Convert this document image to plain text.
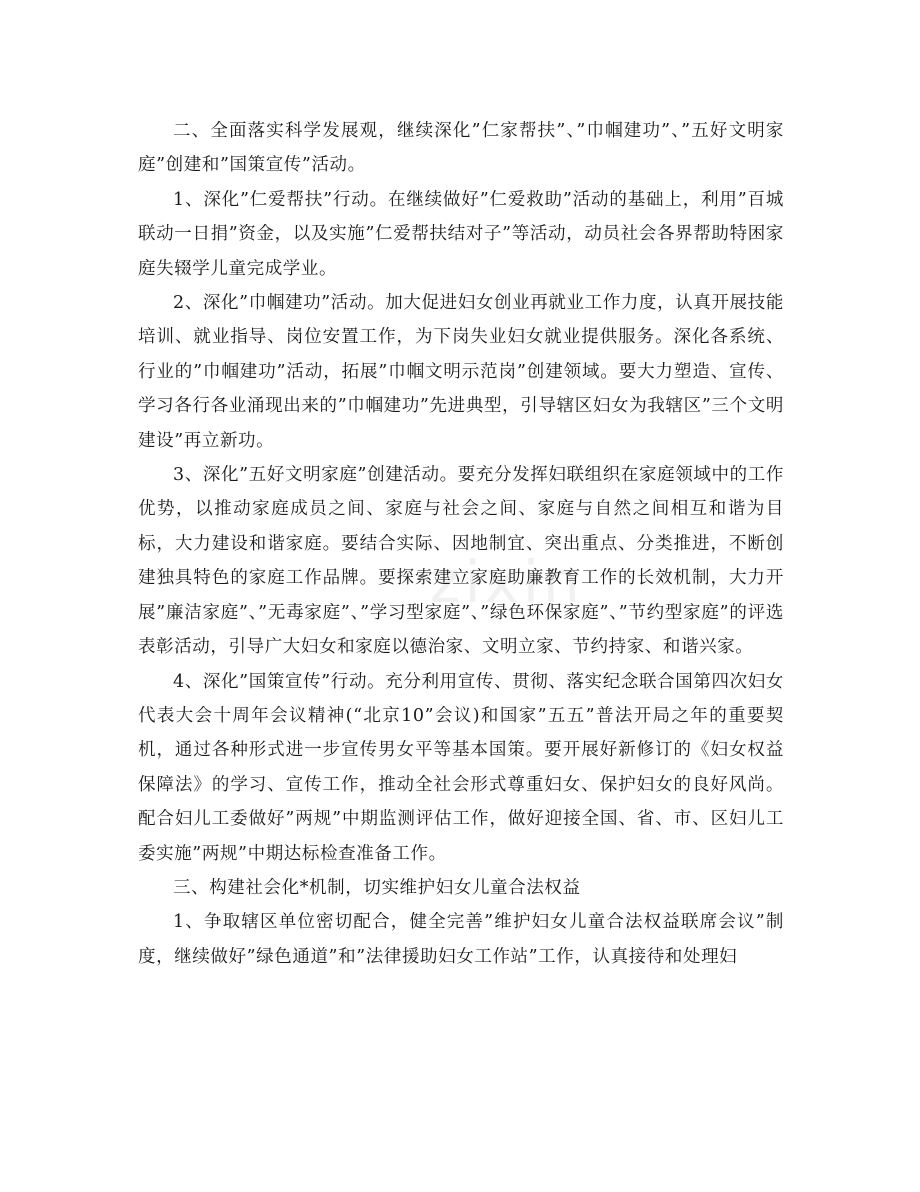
zixin

二、全面落实科学发展观，继续深化”仁家帮扶”、”巾帼建功”、”五好文明家庭”创建和”国策宣传”活动。

1、深化”仁爱帮扶”行动。在继续做好”仁爱救助”活动的基础上，利用”百城联动一日捐”资金，以及实施”仁爱帮扶结对子”等活动，动员社会各界帮助特困家庭失辍学儿童完成学业。

2、深化”巾帼建功”活动。加大促进妇女创业再就业工作力度，认真开展技能培训、就业指导、岗位安置工作，为下岗失业妇女就业提供服务。深化各系统、行业的”巾帼建功”活动，拓展”巾帼文明示范岗”创建领域。要大力塑造、宣传、学习各行各业涌现出来的”巾帼建功”先进典型，引导辖区妇女为我辖区”三个文明建设”再立新功。

3、深化”五好文明家庭”创建活动。要充分发挥妇联组织在家庭领域中的工作优势，以推动家庭成员之间、家庭与社会之间、家庭与自然之间相互和谐为目标，大力建设和谐家庭。要结合实际、因地制宜、突出重点、分类推进，不断创建独具特色的家庭工作品牌。要探索建立家庭助廉教育工作的长效机制，大力开展”廉洁家庭”、”无毒家庭”、”学习型家庭”、”绿色环保家庭”、”节约型家庭”的评选表彰活动，引导广大妇女和家庭以德治家、文明立家、节约持家、和谐兴家。

4、深化”国策宣传”行动。充分利用宣传、贯彻、落实纪念联合国第四次妇女代表大会十周年会议精神(“北京10”会议)和国家”五五”普法开局之年的重要契机，通过各种形式进一步宣传男女平等基本国策。要开展好新修订的《妇女权益保障法》的学习、宣传工作，推动全社会形式尊重妇女、保护妇女的良好风尚。配合妇儿工委做好”两规”中期监测评估工作，做好迎接全国、省、市、区妇儿工委实施”两规”中期达标检查准备工作。

三、构建社会化*机制，切实维护妇女儿童合法权益

1、争取辖区单位密切配合，健全完善”维护妇女儿童合法权益联席会议”制度，继续做好”绿色通道”和”法律援助妇女工作站”工作，认真接待和处理妇
